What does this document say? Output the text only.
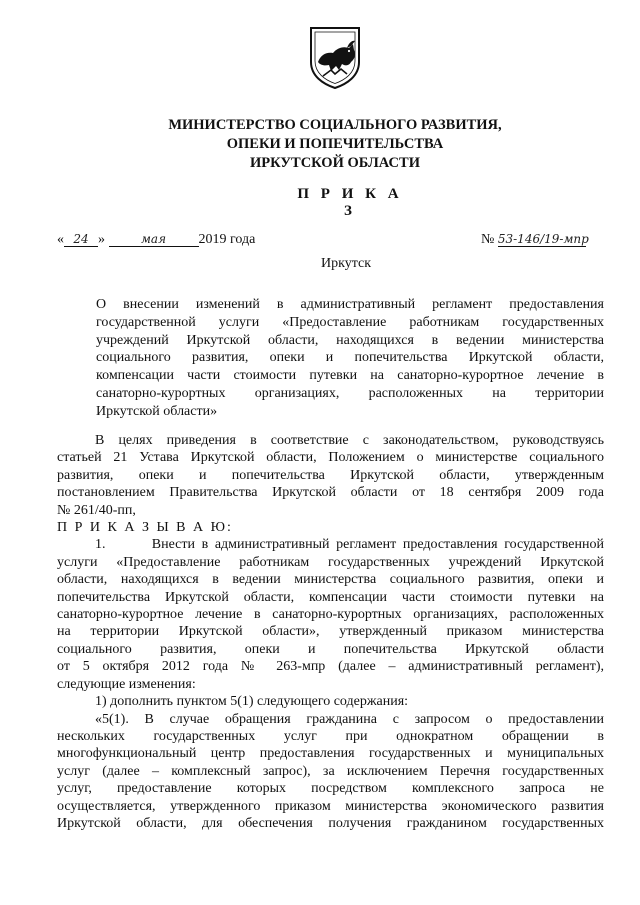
МИНИСТЕРСТВО СОЦИАЛЬНОГО РАЗВИТИЯ,
ОПЕКИ И ПОПЕЧИТЕЛЬСТВА
ИРКУТСКОЙ ОБЛАСТИ
П Р И К А З
« 24 »	мая 2019 года	№ 53-146/19-мпр
Иркутск
О внесении изменений в административный регламент предоставления
государственной услуги «Предоставление работникам государственных
учреждений Иркутской области, находящихся в ведении министерства
социального развития, опеки и попечительства Иркутской области,
компенсации части стоимости путевки на санаторно-курортное лечение в
санаторно-курортных организациях, расположенных на территории
Иркутской области»
В целях приведения в соответствие с законодательством, руководствуясь
статьей 21 Устава Иркутской области, Положением о министерстве социального
развития, опеки и попечительства Иркутской области, утвержденным
постановлением Правительства Иркутской области от 18 сентября 2009 года
№ 261/40-пп,
П Р И К А З Ы В А Ю:
1.       Внести в административный регламент предоставления государственной
услуги «Предоставление работникам государственных учреждений Иркутской
области, находящихся в ведении министерства социального развития, опеки и
попечительства Иркутской области, компенсации части стоимости путевки на
санаторно-курортное лечение в санаторно-курортных организациях, расположенных
на территории Иркутской области», утвержденный приказом министерства
социального развития, опеки и попечительства Иркутской области
от 5 октября 2012 года № 263-мпр (далее – административный регламент),
следующие изменения:
1) дополнить пунктом 5(1) следующего содержания:
«5(1). В случае обращения гражданина с запросом о предоставлении
нескольких государственных услуг при однократном обращении в
многофункциональный центр предоставления государственных и муниципальных
услуг (далее – комплексный запрос), за исключением Перечня государственных
услуг, предоставление которых посредством комплексного запроса не
осуществляется, утвержденного приказом министерства экономического развития
Иркутской области, для обеспечения получения гражданином государственных
